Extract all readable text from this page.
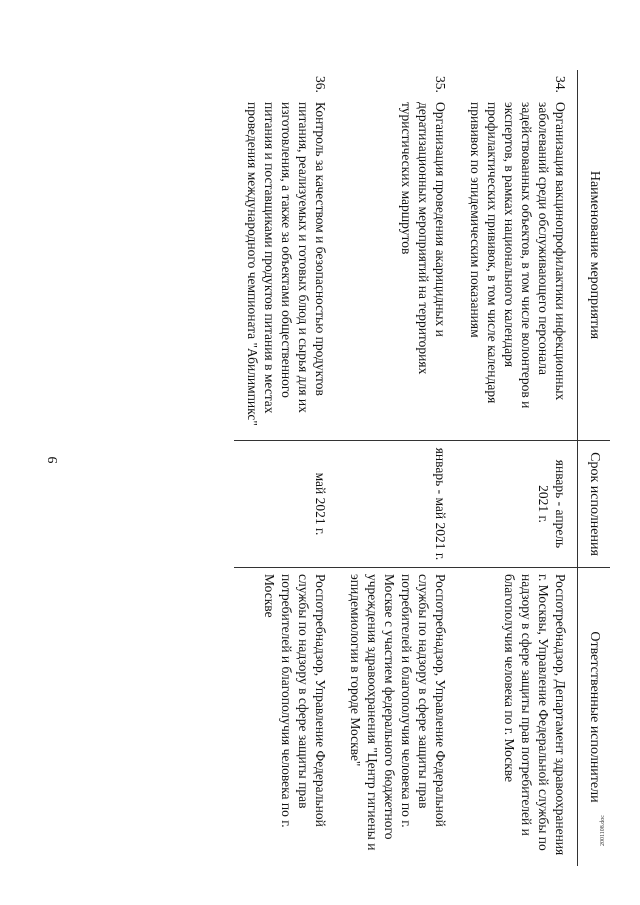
9
Наименование мероприятия	Срок исполнения	Ответственные исполнители

34.
Организация вакцинопрофилактики инфекционных заболеваний среди обслуживающего персонала задействованных объектов, в том числе волонтеров и экспертов, в рамках национального календаря профилактических прививок, в том числе календаря прививок по эпидемическим показаниям	январь - апрель 2021 г.	Роспотребнадзор, Департамент здравоохранения г. Москвы, Управление Федеральной службы по надзору в сфере защиты прав потребителей и благополучия человека по г. Москве

35.
Организация проведения акарицидных и дератизационных мероприятий на территориях туристических маршрутов	январь - май 2021 г.	Роспотребнадзор, Управление Федеральной службы по надзору в сфере защиты прав потребителей и благополучия человека по г. Москве с участием федерального бюджетного учреждения здравоохранения "Центр гигиены и эпидемиологии в городе Москве"

36.
Контроль за качеством и безопасностью продуктов питания, реализуемых и готовых блюд и сырья для их изготовления, а также за объектами общественного питания и поставщиками продуктов питания в местах проведения международного чемпионата "Абилимпикс"	май 2021 г.	Роспотребнадзор, Управление Федеральной службы по надзору в сфере защиты прав потребителей и благополучия человека по г. Москве
2001108.doc
